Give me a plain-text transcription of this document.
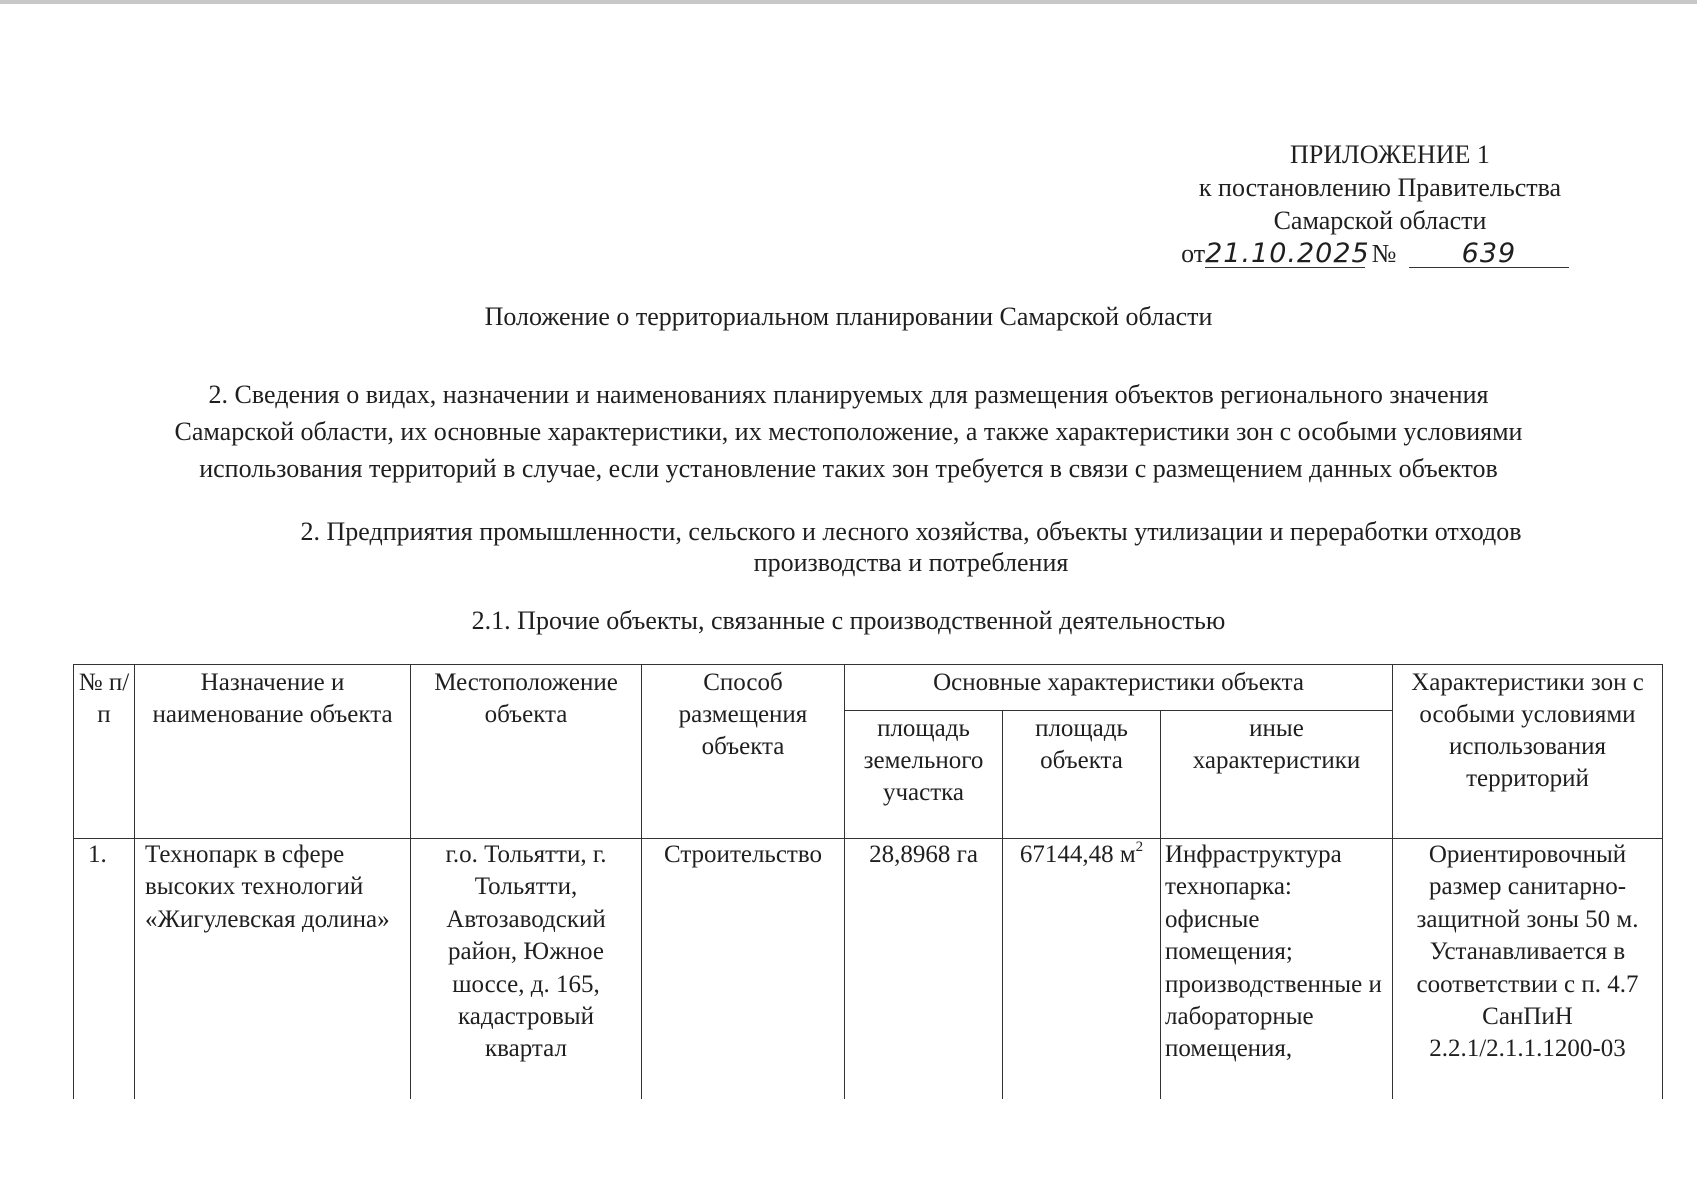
ПРИЛОЖЕНИЕ 1
к постановлению Правительства
Самарской области
от21.10.2025 № 639
Положение о территориальном планировании Самарской области
2. Сведения о видах, назначении и наименованиях планируемых для размещения объектов регионального значения
Самарской области, их основные характеристики, их местоположение, а также характеристики зон с особыми условиями
использования территорий в случае, если установление таких зон требуется в связи с размещением данных объектов
2. Предприятия промышленности, сельского и лесного хозяйства, объекты утилизации и переработки отходов
производства и потребления
2.1. Прочие объекты, связанные с производственной деятельностью
№ п/п	Назначение и наименование объекта	Местоположение объекта	Способ размещения объекта	Основные характеристики объекта			Характеристики зон с особыми условиями использования территорий
				площадь земельного участка	площадь объекта	иные характеристики	
1.	Технопарк в сфере высоких технологий «Жигулевская долина»	г.о. Тольятти, г. Тольятти, Автозаводский район, Южное шоссе, д. 165, кадастровый квартал	Строительство	28,8968 га	67144,48 $м^2$	Инфраструктура технопарка: офисные помещения; производственные и лабораторные помещения,	Ориентировочный размер санитарно-защитной зоны 50 м. Устанавливается в соответствии с п. 4.7 СанПиН 2.2.1/2.1.1.1200-03
